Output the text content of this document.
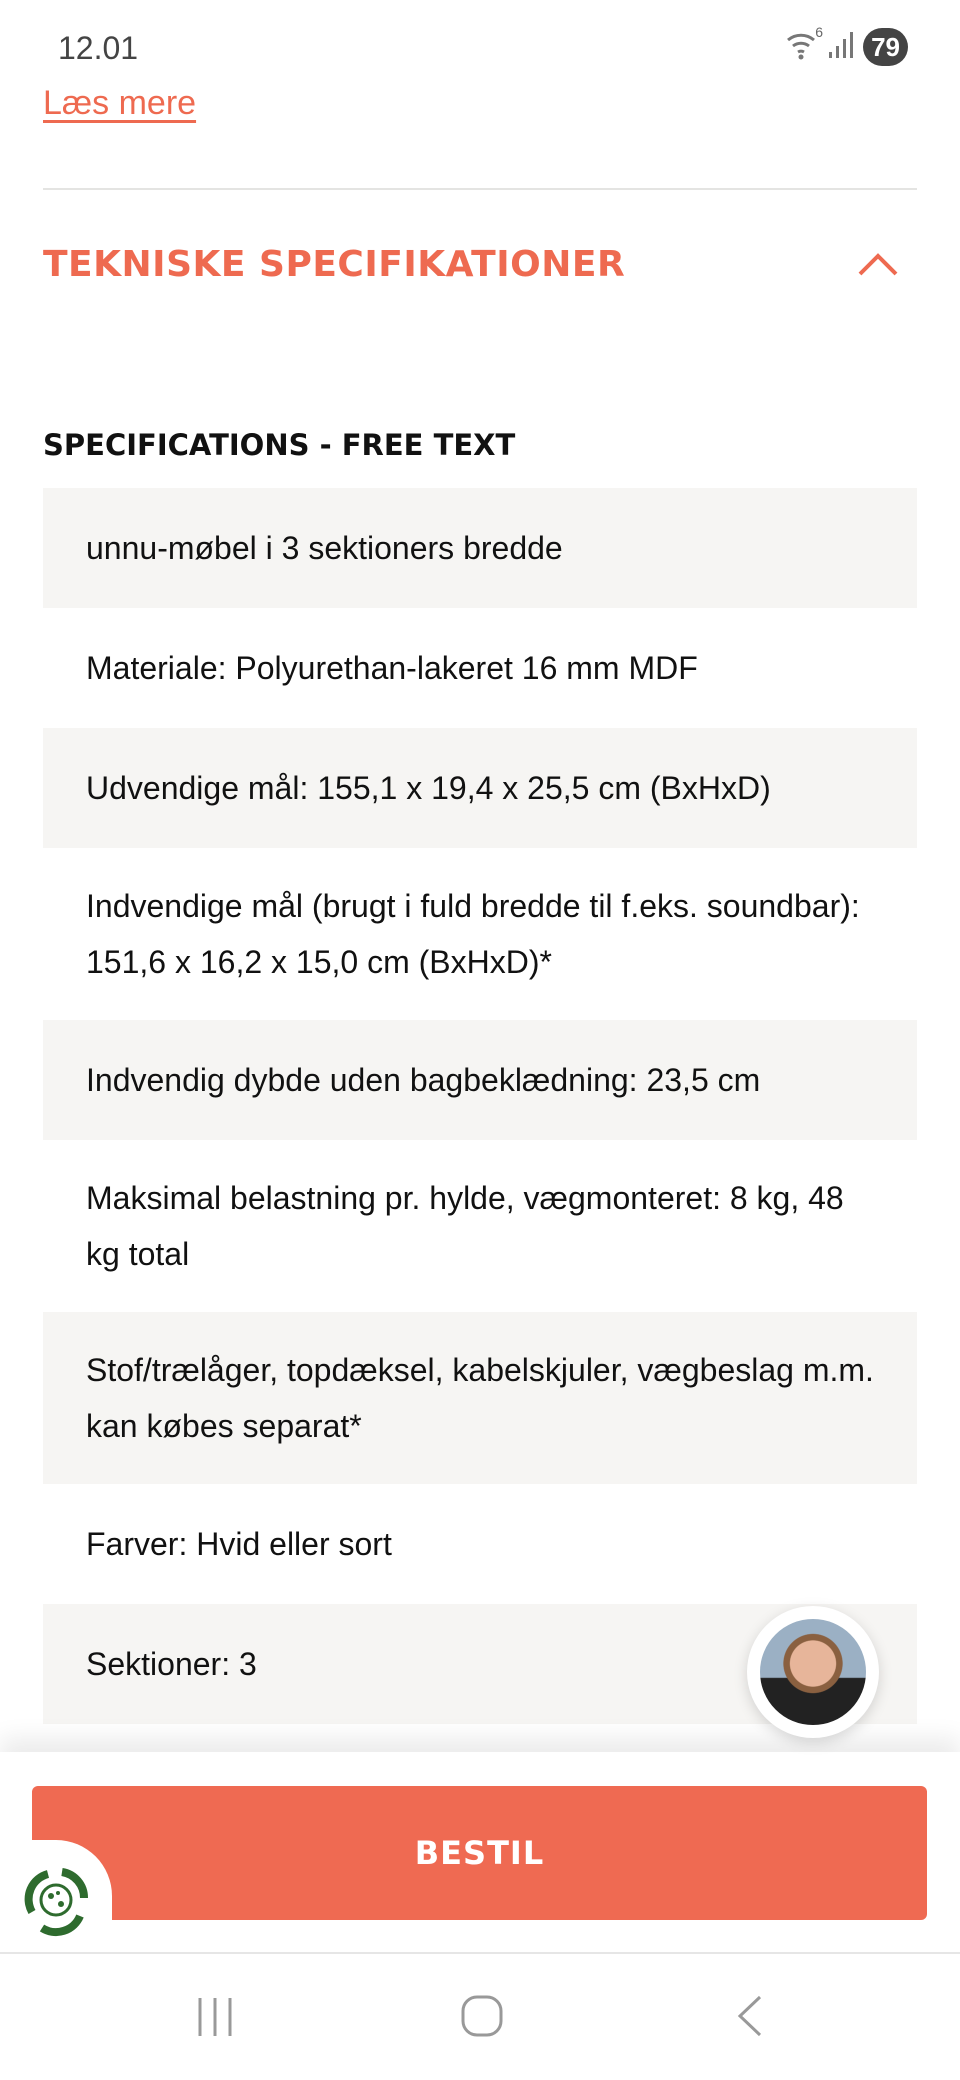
12.01	6
79
Læs mere
TEKNISKE SPECIFIKATIONER
SPECIFICATIONS - FREE TEXT
unnu-møbel i 3 sektioners bredde
Materiale: Polyurethan-lakeret 16 mm MDF
Udvendige mål: 155,1 x 19,4 x 25,5 cm (BxHxD)
Indvendige mål (brugt i fuld bredde til f.eks. soundbar): 151,6 x 16,2 x 15,0 cm (BxHxD)*
Indvendig dybde uden bagbeklædning: 23,5 cm
Maksimal belastning pr. hylde, vægmonteret: 8 kg, 48 kg total
Stof/trælåger, topdæksel, kabelskjuler, vægbeslag m.m. kan købes separat*
Farver: Hvid eller sort
Sektioner: 3
BESTIL
